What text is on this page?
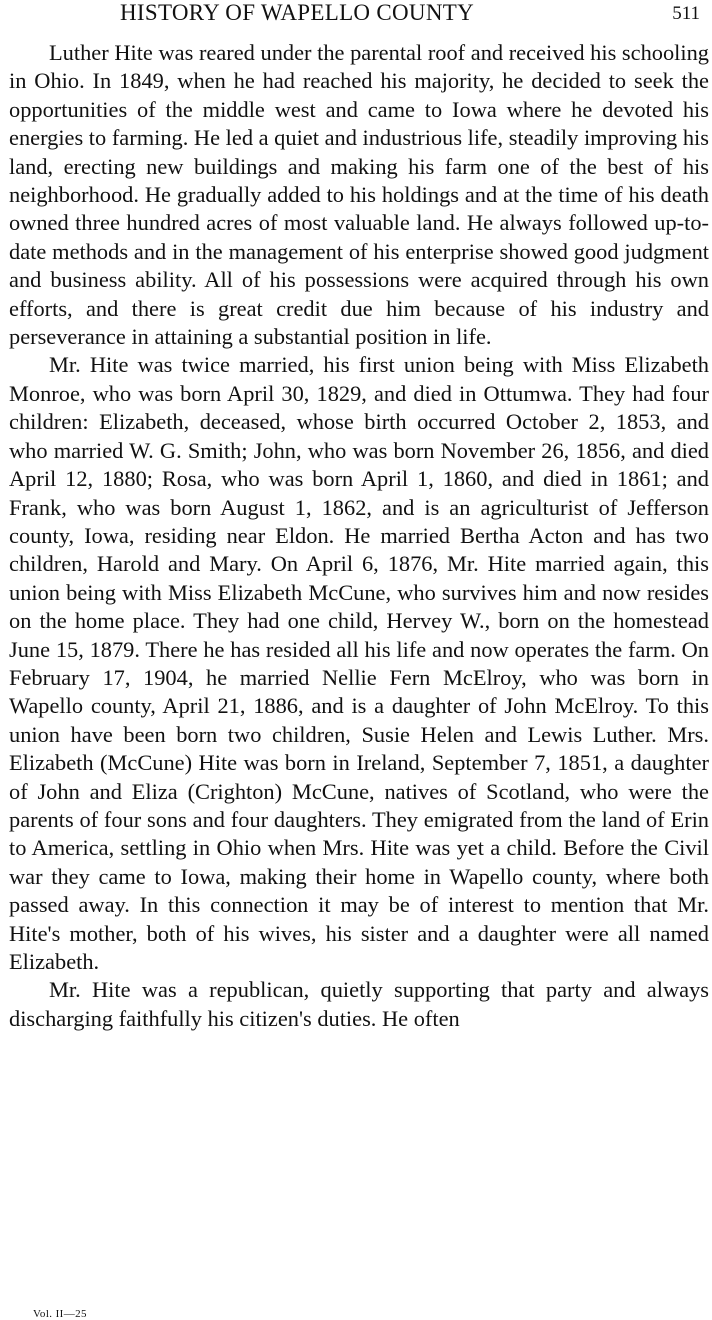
HISTORY OF WAPELLO COUNTY	511

Luther Hite was reared under the parental roof and received his schooling in Ohio. In 1849, when he had reached his majority, he decided to seek the opportunities of the middle west and came to Iowa where he devoted his energies to farming. He led a quiet and industrious life, steadily improving his land, erecting new buildings and making his farm one of the best of his neighborhood. He gradually added to his holdings and at the time of his death owned three hundred acres of most valuable land. He always followed up-to-date methods and in the management of his enterprise showed good judgment and business ability. All of his possessions were acquired through his own efforts, and there is great credit due him because of his industry and perseverance in attaining a substantial position in life.

Mr. Hite was twice married, his first union being with Miss Elizabeth Monroe, who was born April 30, 1829, and died in Ottumwa. They had four children: Elizabeth, deceased, whose birth occurred October 2, 1853, and who married W. G. Smith; John, who was born November 26, 1856, and died April 12, 1880; Rosa, who was born April 1, 1860, and died in 1861; and Frank, who was born August 1, 1862, and is an agriculturist of Jefferson county, Iowa, residing near Eldon. He married Bertha Acton and has two children, Harold and Mary. On April 6, 1876, Mr. Hite married again, this union being with Miss Elizabeth McCune, who survives him and now resides on the home place. They had one child, Hervey W., born on the homestead June 15, 1879. There he has resided all his life and now operates the farm. On February 17, 1904, he married Nellie Fern McElroy, who was born in Wapello county, April 21, 1886, and is a daughter of John McElroy. To this union have been born two children, Susie Helen and Lewis Luther. Mrs. Elizabeth (McCune) Hite was born in Ireland, September 7, 1851, a daughter of John and Eliza (Crighton) McCune, natives of Scotland, who were the parents of four sons and four daughters. They emigrated from the land of Erin to America, settling in Ohio when Mrs. Hite was yet a child. Before the Civil war they came to Iowa, making their home in Wapello county, where both passed away. In this connection it may be of interest to mention that Mr. Hite's mother, both of his wives, his sister and a daughter were all named Elizabeth.

Mr. Hite was a republican, quietly supporting that party and always discharging faithfully his citizen's duties. He often

Vol. II—25
